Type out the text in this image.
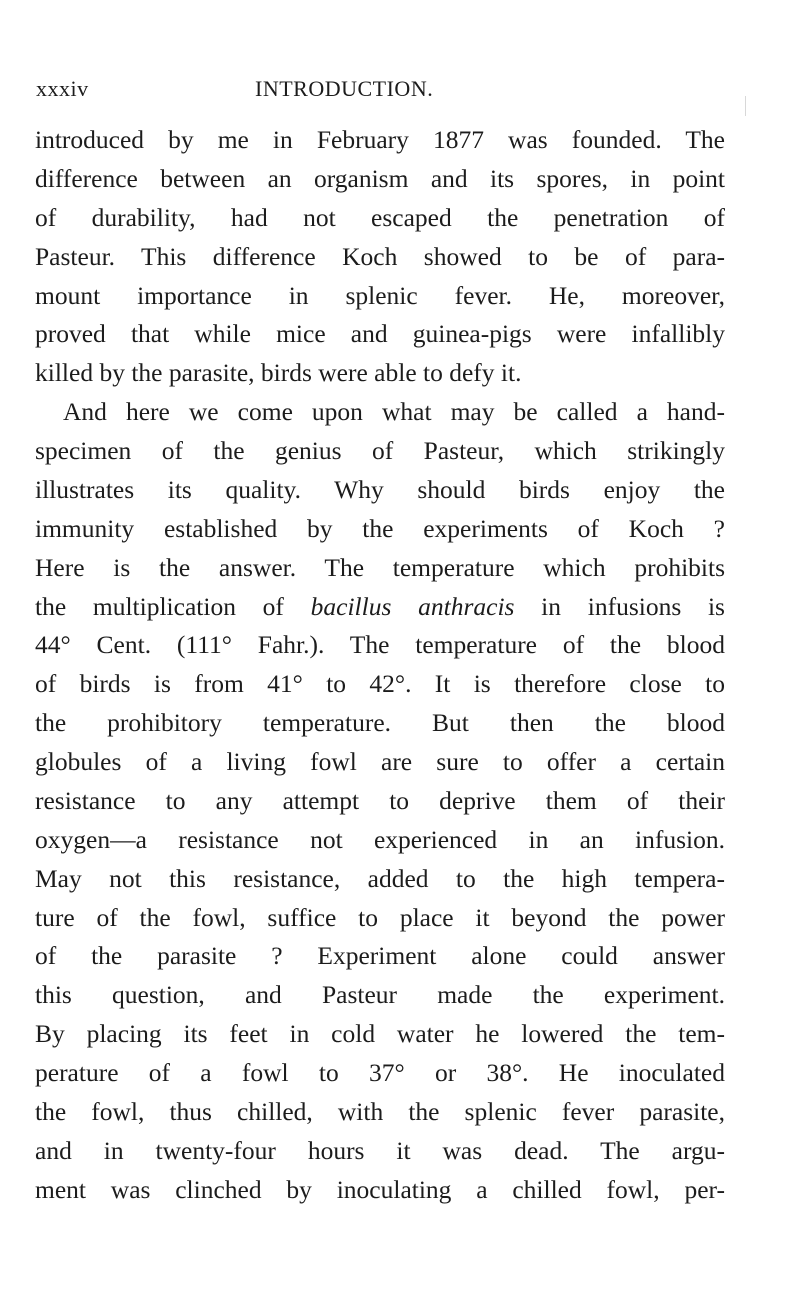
xxxiv	INTRODUCTION.
introduced by me in February 1877 was founded. The
difference between an organism and its spores, in point
of durability, had not escaped the penetration of
Pasteur. This difference Koch showed to be of para-
mount importance in splenic fever. He, moreover,
proved that while mice and guinea-pigs were infallibly
killed by the parasite, birds were able to defy it.
And here we come upon what may be called a hand-
specimen of the genius of Pasteur, which strikingly
illustrates its quality. Why should birds enjoy the
immunity established by the experiments of Koch ?
Here is the answer. The temperature which prohibits
the multiplication of bacillus anthracis in infusions is
44° Cent. (111° Fahr.). The temperature of the blood
of birds is from 41° to 42°. It is therefore close to
the prohibitory temperature. But then the blood
globules of a living fowl are sure to offer a certain
resistance to any attempt to deprive them of their
oxygen—a resistance not experienced in an infusion.
May not this resistance, added to the high tempera-
ture of the fowl, suffice to place it beyond the power
of the parasite ? Experiment alone could answer
this question, and Pasteur made the experiment.
By placing its feet in cold water he lowered the tem-
perature of a fowl to 37° or 38°. He inoculated
the fowl, thus chilled, with the splenic fever parasite,
and in twenty-four hours it was dead. The argu-
ment was clinched by inoculating a chilled fowl, per-
